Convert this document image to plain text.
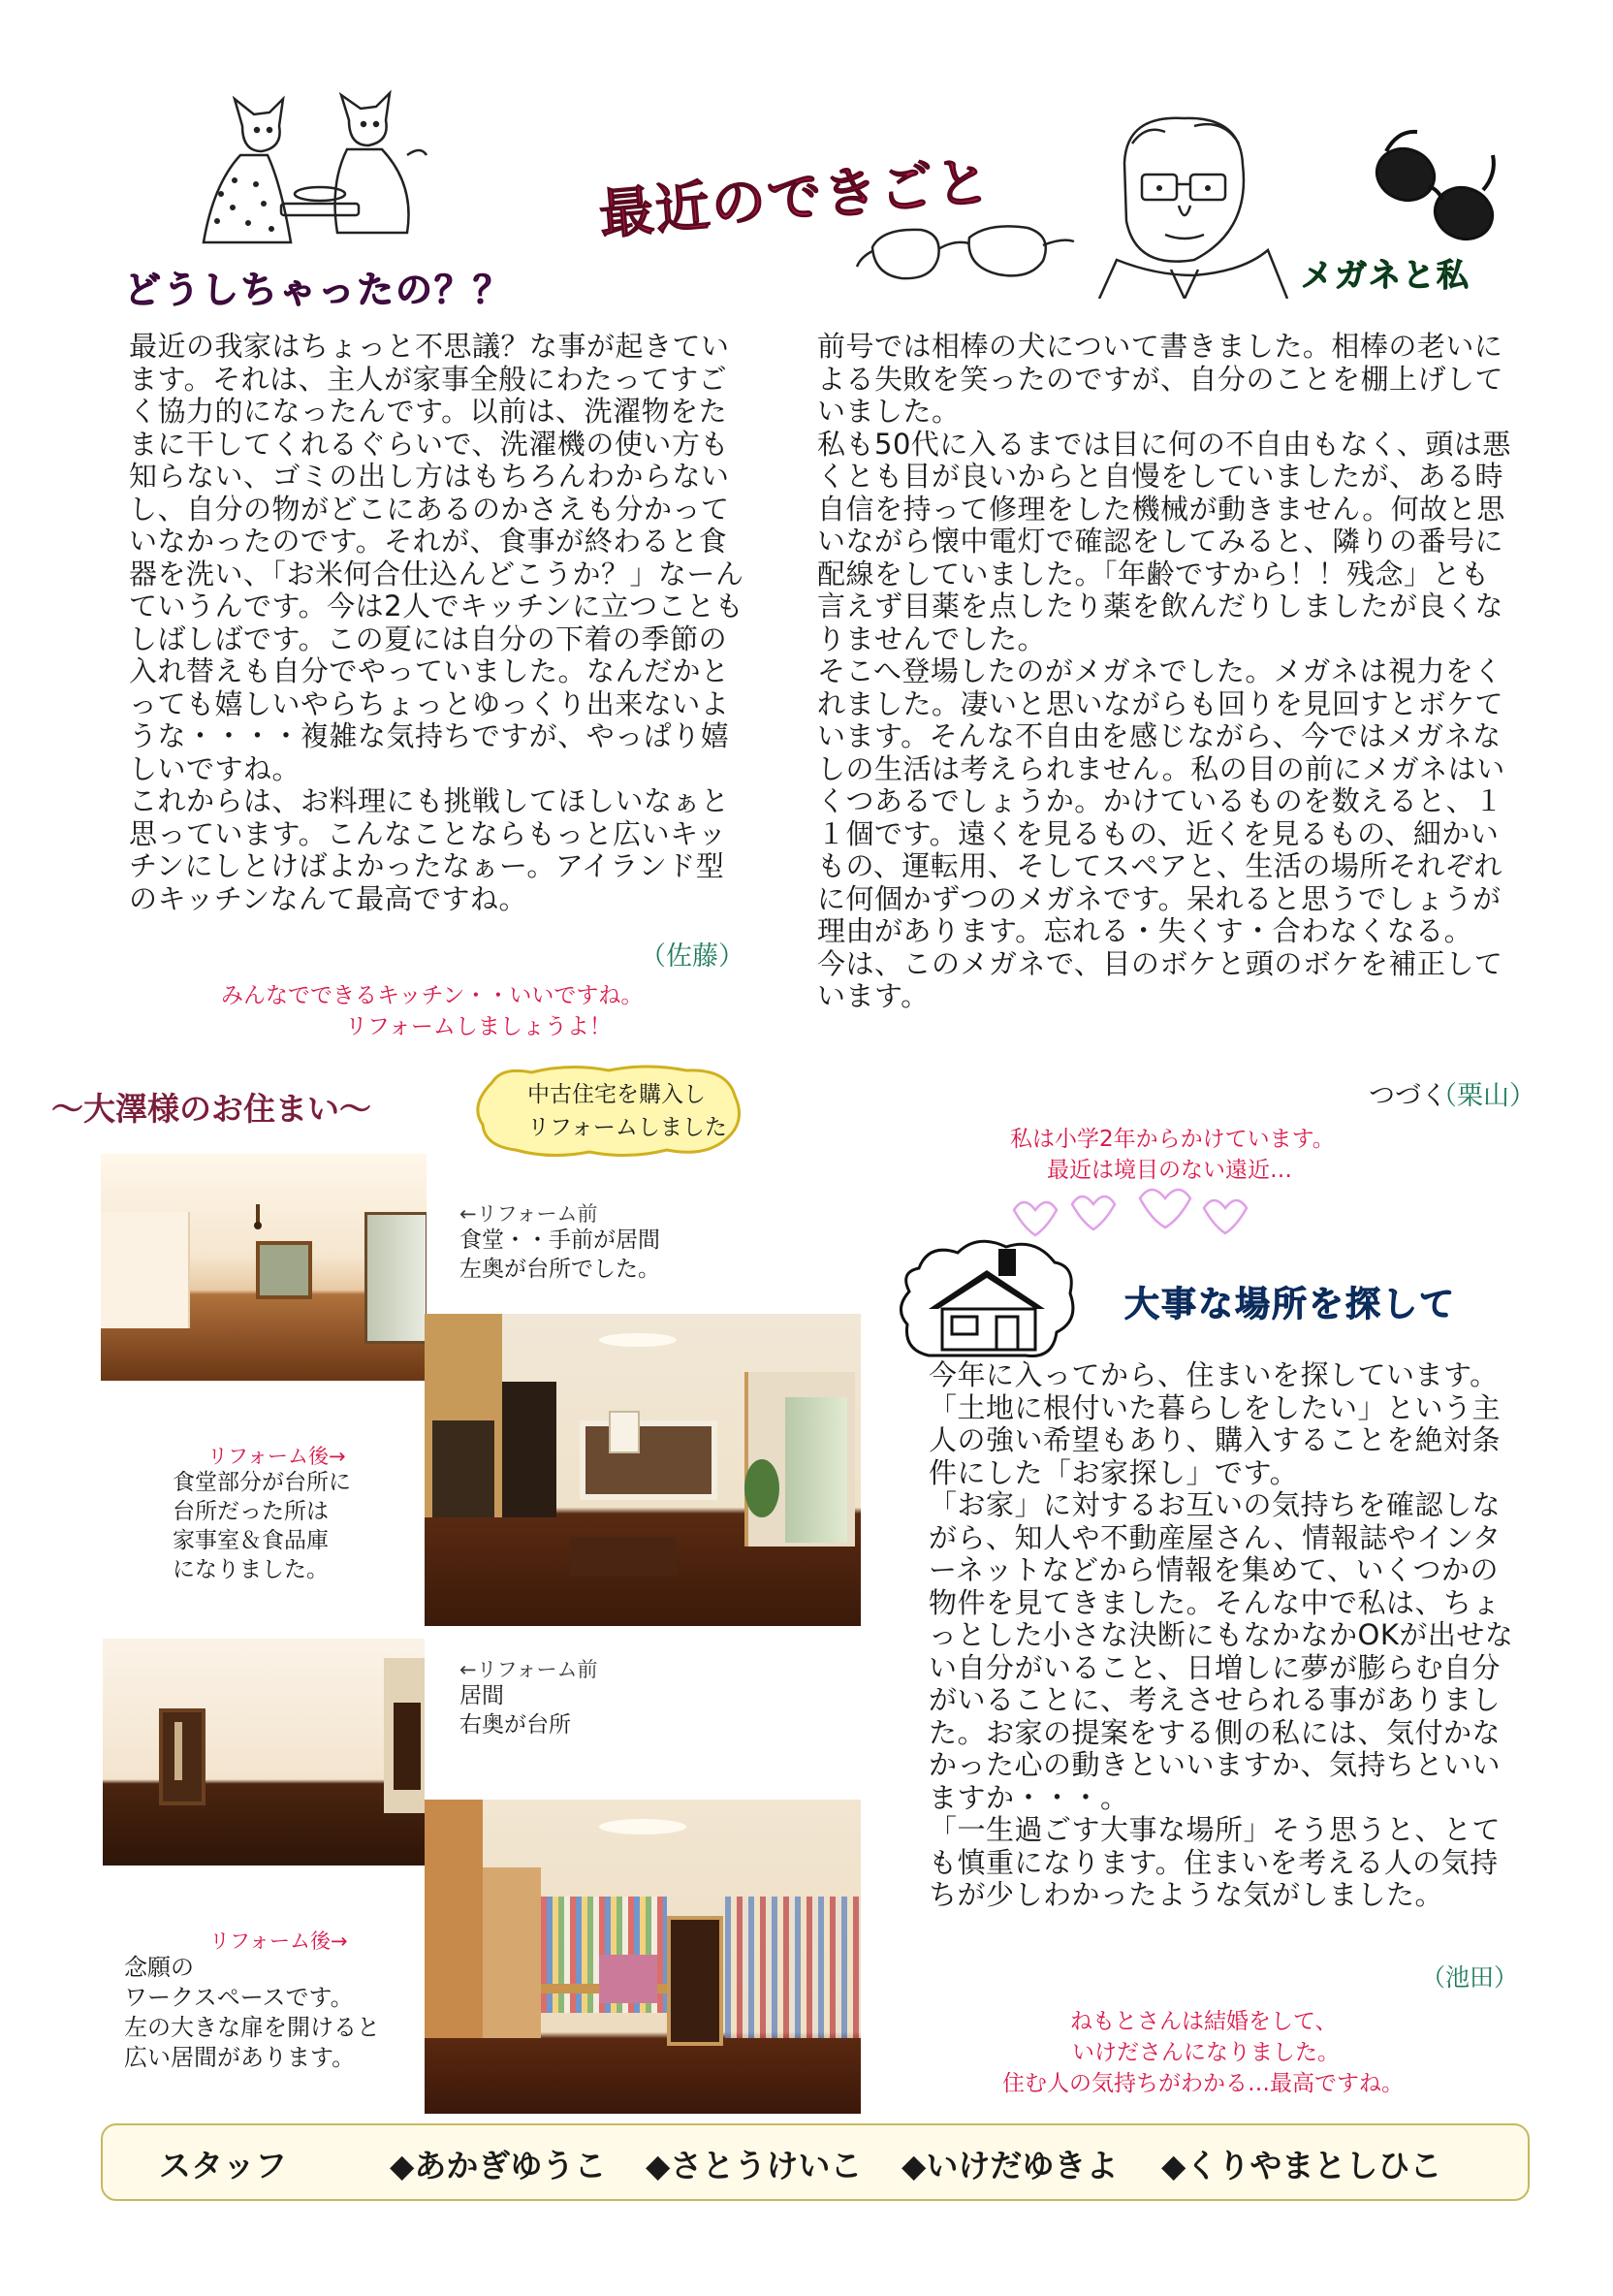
最近のできごと
どうしちゃったの？？
最近の我家はちょっと不思議？な事が起きています。それは、主人が家事全般にわたってすごく協力的になったんです。以前は、洗濯物をたまに干してくれるぐらいで、洗濯機の使い方も知らない、ゴミの出し方はもちろんわからないし、自分の物がどこにあるのかさえも分かっていなかったのです。それが、食事が終わると食器を洗い、「お米何合仕込んどこうか？」なーんていうんです。今は2人でキッチンに立つこともしばしばです。この夏には自分の下着の季節の入れ替えも自分でやっていました。なんだかとっても嬉しいやらちょっとゆっくり出来ないような・・・・複雑な気持ちですが、やっぱり嬉しいですね。
これからは、お料理にも挑戦してほしいなぁと思っています。こんなことならもっと広いキッチンにしとけばよかったなぁー。アイランド型のキッチンなんて最高ですね。
（佐藤）
みんなでできるキッチン・・いいですね。
リフォームしましょうよ！
メガネと私
前号では相棒の犬について書きました。相棒の老いによる失敗を笑ったのですが、自分のことを棚上げしていました。
私も50代に入るまでは目に何の不自由もなく、頭は悪くとも目が良いからと自慢をしていましたが、ある時自信を持って修理をした機械が動きません。何故と思いながら懐中電灯で確認をしてみると、隣りの番号に配線をしていました。「年齢ですから！！残念」とも言えず目薬を点したり薬を飲んだりしましたが良くなりませんでした。
そこへ登場したのがメガネでした。メガネは視力をくれました。凄いと思いながらも回りを見回すとボケています。そんな不自由を感じながら、今ではメガネなしの生活は考えられません。私の目の前にメガネはいくつあるでしょうか。かけているものを数えると、１１個です。遠くを見るもの、近くを見るもの、細かいもの、運転用、そしてスペアと、生活の場所それぞれに何個かずつのメガネです。呆れると思うでしょうが理由があります。忘れる・失くす・合わなくなる。
今は、このメガネで、目のボケと頭のボケを補正しています。
つづく
（栗山）
私は小学2年からかけています。
最近は境目のない遠近…
大事な場所を探して
今年に入ってから、住まいを探しています。「土地に根付いた暮らしをしたい」という主人の強い希望もあり、購入することを絶対条件にした「お家探し」です。
「お家」に対するお互いの気持ちを確認しながら、知人や不動産屋さん、情報誌やインターネットなどから情報を集めて、いくつかの物件を見てきました。そんな中で私は、ちょっとした小さな決断にもなかなかOKが出せない自分がいること、日増しに夢が膨らむ自分がいることに、考えさせられる事がありました。お家の提案をする側の私には、気付かなかった心の動きといいますか、気持ちといいますか・・・。
「一生過ごす大事な場所」そう思うと、とても慎重になります。住まいを考える人の気持ちが少しわかったような気がしました。
（池田）
ねもとさんは結婚をして、
いけださんになりました。
住む人の気持ちがわかる…最高ですね。
～大澤様のお住まい～	中古住宅を購入し
リフォームしました
←リフォーム前
食堂・・手前が居間
左奥が台所でした。
リフォーム後→
食堂部分が台所に
台所だった所は
家事室＆食品庫
になりました。
←リフォーム前
居間
右奥が台所
リフォーム後→
念願の
ワークスペースです。
左の大きな扉を開けると
広い居間があります。
スタッフ	◆あかぎゆうこ ◆さとうけいこ ◆いけだゆきよ ◆くりやまとしひこ
